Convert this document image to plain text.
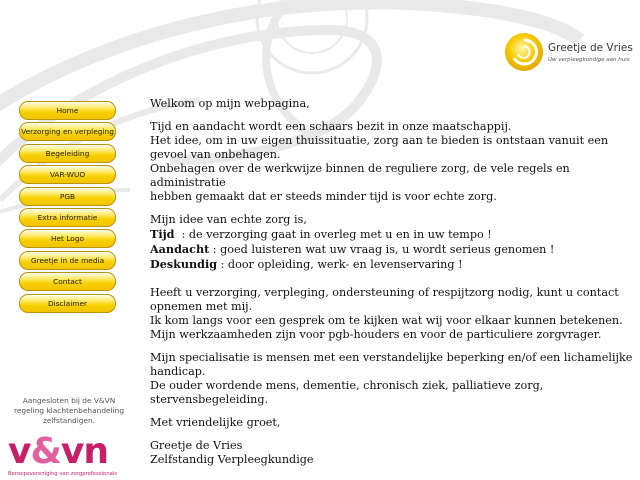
Greetje de Vries
Uw verpleegkundige aan huis
Home
Verzorging en verpleging
Begeleiding
VAR-WUO
PGB
Extra informatie
Het Logo
Greetje in de media
Contact
Disclaimer
Aangesloten bij de V&VN
regeling klachtenbehandeling
zelfstandigen.
v&vn
Beroepsvereniging van zorgprofessionals

Welkom op mijn webpagina,

Tijd en aandacht wordt een schaars bezit in onze maatschappij.

Het idee, om in uw eigen thuissituatie, zorg aan te bieden is ontstaan vanuit een gevoel van onbehagen.

Onbehagen over de werkwijze binnen de reguliere zorg, de vele regels en administratie

hebben gemaakt dat er steeds minder tijd is voor echte zorg.

Mijn idee van echte zorg is,

Tijd  : de verzorging gaat in overleg met u en in uw tempo !

Aandacht : goed luisteren wat uw vraag is, u wordt serieus genomen !

Deskundig : door opleiding, werk- en levenservaring !

Heeft u verzorging, verpleging, ondersteuning of respijtzorg nodig, kunt u contact opnemen met mij.

Ik kom langs voor een gesprek om te kijken wat wij voor elkaar kunnen betekenen.

Mijn werkzaamheden zijn voor pgb-houders en voor de particuliere zorgvrager.

Mijn specialisatie is mensen met een verstandelijke beperking en/of een lichamelijke handicap.

De ouder wordende mens, dementie, chronisch ziek, palliatieve zorg, stervensbegeleiding.

Met vriendelijke groet,

Greetje de Vries

Zelfstandig Verpleegkundige
